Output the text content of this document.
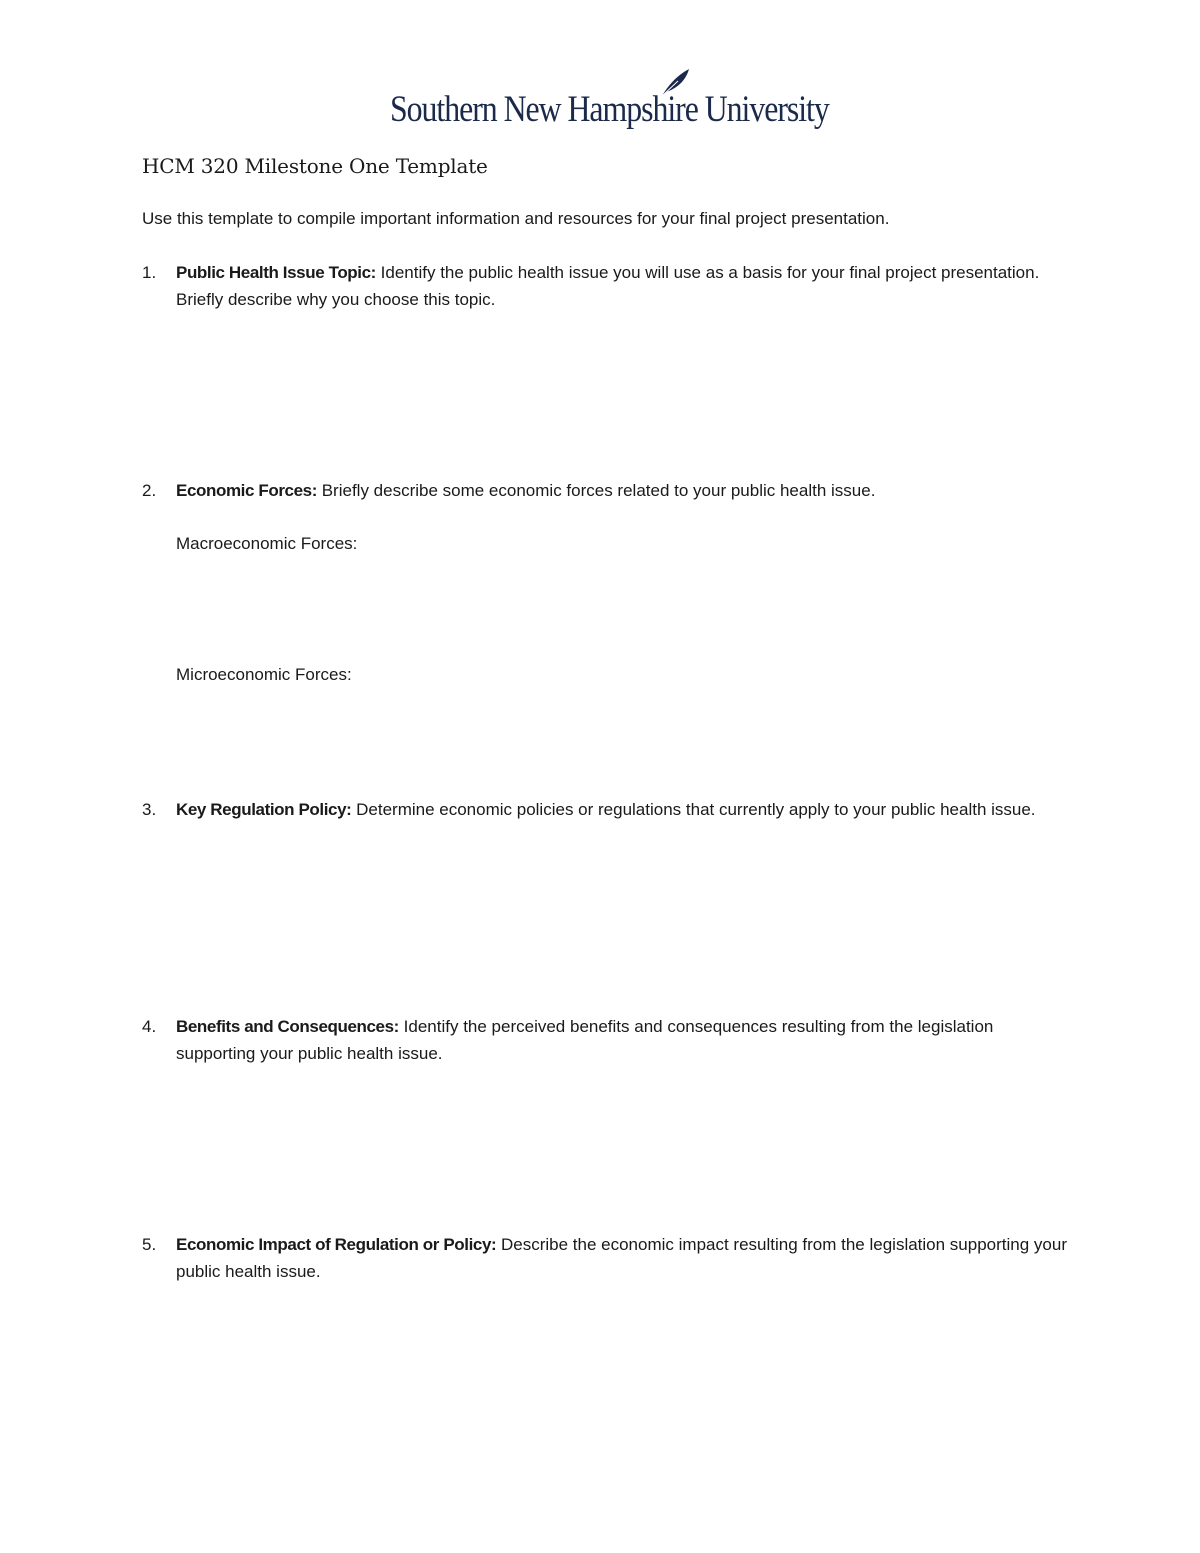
Southern New Hampshire University
HCM 320 Milestone One Template
Use this template to compile important information and resources for your final project presentation.
1.	Public Health Issue Topic: Identify the public health issue you will use as a basis for your final project presentation. Briefly describe why you choose this topic.
2.	Economic Forces: Briefly describe some economic forces related to your public health issue.
Macroeconomic Forces:
Microeconomic Forces:
3.	Key Regulation Policy: Determine economic policies or regulations that currently apply to your public health issue.
4.	Benefits and Consequences: Identify the perceived benefits and consequences resulting from the legislation supporting your public health issue.
5.	Economic Impact of Regulation or Policy: Describe the economic impact resulting from the legislation supporting your public health issue.
